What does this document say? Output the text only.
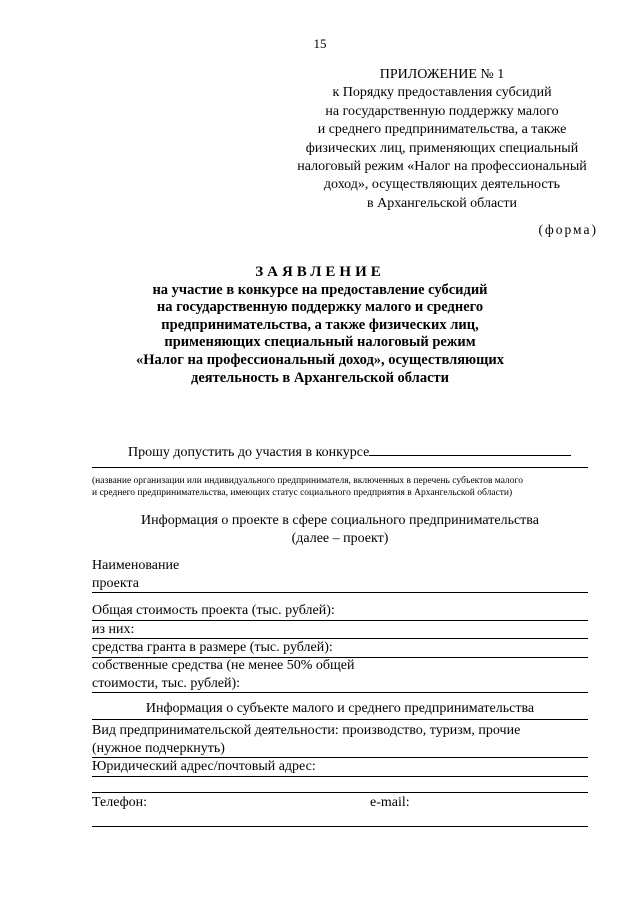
15
ПРИЛОЖЕНИЕ № 1
к Порядку предоставления субсидий
на государственную поддержку малого
и среднего предпринимательства, а также
физических лиц, применяющих специальный
налоговый режим «Налог на профессиональный
доход», осуществляющих деятельность
в Архангельской области
(форма)
ЗАЯВЛЕНИЕ
на участие в конкурсе на предоставление субсидий
на государственную поддержку малого и среднего
предпринимательства, а также физических лиц,
применяющих специальный налоговый режим
«Налог на профессиональный доход», осуществляющих
деятельность в Архангельской области
Прошу допустить до участия в конкурсе
(название организации или индивидуального предпринимателя, включенных в перечень субъектов малого
и среднего предпринимательства, имеющих статус социального предприятия в Архангельской области)
Информация о проекте в сфере социального предпринимательства
(далее – проект)
Наименование
проекта
Общая стоимость проекта (тыс. рублей):
из них:
средства гранта в размере (тыс. рублей):
собственные средства (не менее 50% общей
стоимости, тыс. рублей):
Информация о субъекте малого и среднего предпринимательства
Вид предпринимательской деятельности: производство, туризм, прочие
(нужное подчеркнуть)
Юридический адрес/почтовый адрес:
Телефон:	e-mail:
